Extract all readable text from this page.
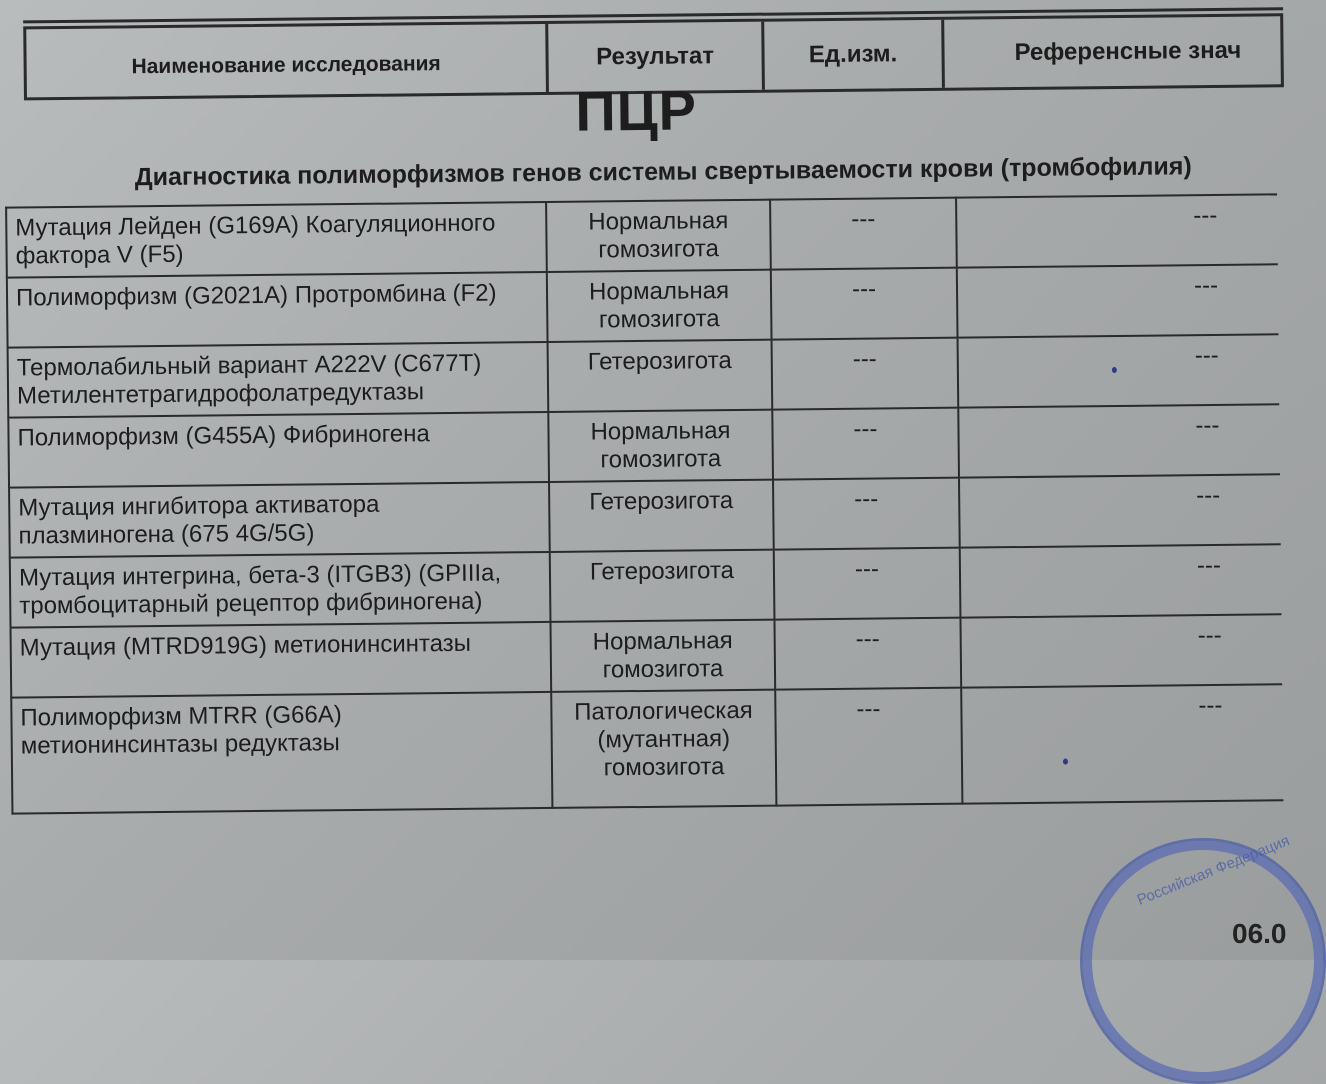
Наименование исследования	Результат	Ед.изм.	Референсные знач
ПЦР
Диагностика полиморфизмов генов системы свертываемости крови (тромбофилия)
Мутация Лейден (G169A) Коагуляционного фактора V (F5)	Нормальная гомозигота	---	---
Полиморфизм (G2021A) Протромбина (F2)	Нормальная гомозигота	---	---
Термолабильный вариант A222V (C677T) Метилентетрагидрофолатредуктазы	Гетерозигота	---	---
Полиморфизм (G455A) Фибриногена	Нормальная гомозигота	---	---
Мутация ингибитора активатора плазминогена (675 4G/5G)	Гетерозигота	---	---
Мутация интегрина, бета-3 (ITGB3) (GPIIIa, тромбоцитарный рецептор фибриногена)	Гетерозигота	---	---
Мутация (MTRD919G) метионинсинтазы	Нормальная гомозигота	---	---
Полиморфизм MTRR (G66A) метионинсинтазы редуктазы	Патологическая (мутантная) гомозигота	---	---
Российская Федерация
06.0
